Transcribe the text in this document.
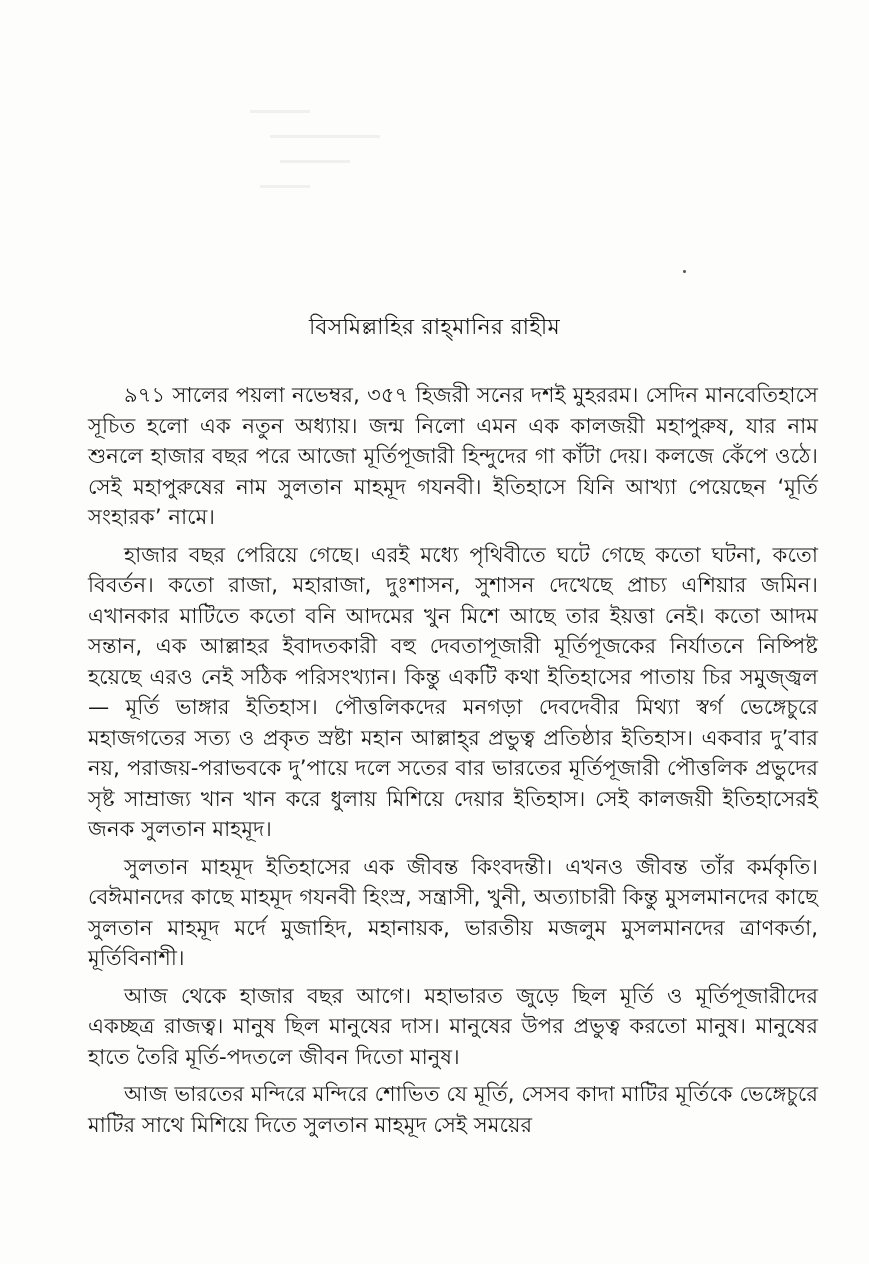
বিসমিল্লাহির রাহ্‌মানির রাহীম

৯৭১ সালের পয়লা নভেম্বর, ৩৫৭ হিজরী সনের দশই মুহররম। সেদিন মানবেতিহাসে সূচিত হলো এক নতুন অধ্যায়। জন্ম নিলো এমন এক কালজয়ী মহাপুরুষ, যার নাম শুনলে হাজার বছর পরে আজো মূর্তিপূজারী হিন্দুদের গা কাঁটা দেয়। কলজে কেঁপে ওঠে। সেই মহাপুরুষের নাম সুলতান মাহমূদ গযনবী। ইতিহাসে যিনি আখ্যা পেয়েছেন ‘মূর্তি সংহারক’ নামে।

হাজার বছর পেরিয়ে গেছে। এরই মধ্যে পৃথিবীতে ঘটে গেছে কতো ঘটনা, কতো বিবর্তন। কতো রাজা, মহারাজা, দুঃশাসন, সুশাসন দেখেছে প্রাচ্য এশিয়ার জমিন। এখানকার মাটিতে কতো বনি আদমের খুন মিশে আছে তার ইয়ত্তা নেই। কতো আদম সন্তান, এক আল্লাহর ইবাদতকারী বহু দেবতাপূজারী মূর্তিপূজকের নির্যাতনে নিষ্পিষ্ট হয়েছে এরও নেই সঠিক পরিসংখ্যান। কিন্তু একটি কথা ইতিহাসের পাতায় চির সমুজ্জ্বল— মূর্তি ভাঙ্গার ইতিহাস। পৌত্তলিকদের মনগড়া দেবদেবীর মিথ্যা স্বর্গ ভেঙ্গেচুরে মহাজগতের সত্য ও প্রকৃত স্রষ্টা মহান আল্লাহ্‌র প্রভুত্ব প্রতিষ্ঠার ইতিহাস। একবার দু’বার নয়, পরাজয়-পরাভবকে দু’পায়ে দলে সতের বার ভারতের মূর্তিপূজারী পৌত্তলিক প্রভুদের সৃষ্ট সাম্রাজ্য খান খান করে ধুলায় মিশিয়ে দেয়ার ইতিহাস। সেই কালজয়ী ইতিহাসেরই জনক সুলতান মাহমূদ।

সুলতান মাহমূদ ইতিহাসের এক জীবন্ত কিংবদন্তী। এখনও জীবন্ত তাঁর কর্মকৃতি। বেঈমানদের কাছে মাহমূদ গযনবী হিংস্র, সন্ত্রাসী, খুনী, অত্যাচারী কিন্তু মুসলমানদের কাছে সুলতান মাহমূদ মর্দে মুজাহিদ, মহানায়ক, ভারতীয় মজলুম মুসলমানদের ত্রাণকর্তা, মূর্তিবিনাশী।

আজ থেকে হাজার বছর আগে। মহাভারত জুড়ে ছিল মূর্তি ও মূর্তিপূজারীদের একচ্ছত্র রাজত্ব। মানুষ ছিল মানুষের দাস। মানুষের উপর প্রভুত্ব করতো মানুষ। মানুষের হাতে তৈরি মূর্তি-পদতলে জীবন দিতো মানুষ।

আজ ভারতের মন্দিরে মন্দিরে শোভিত যে মূর্তি, সেসব কাদা মাটির মূর্তিকে ভেঙ্গেচুরে মাটির সাথে মিশিয়ে দিতে সুলতান মাহমূদ সেই সময়ের
